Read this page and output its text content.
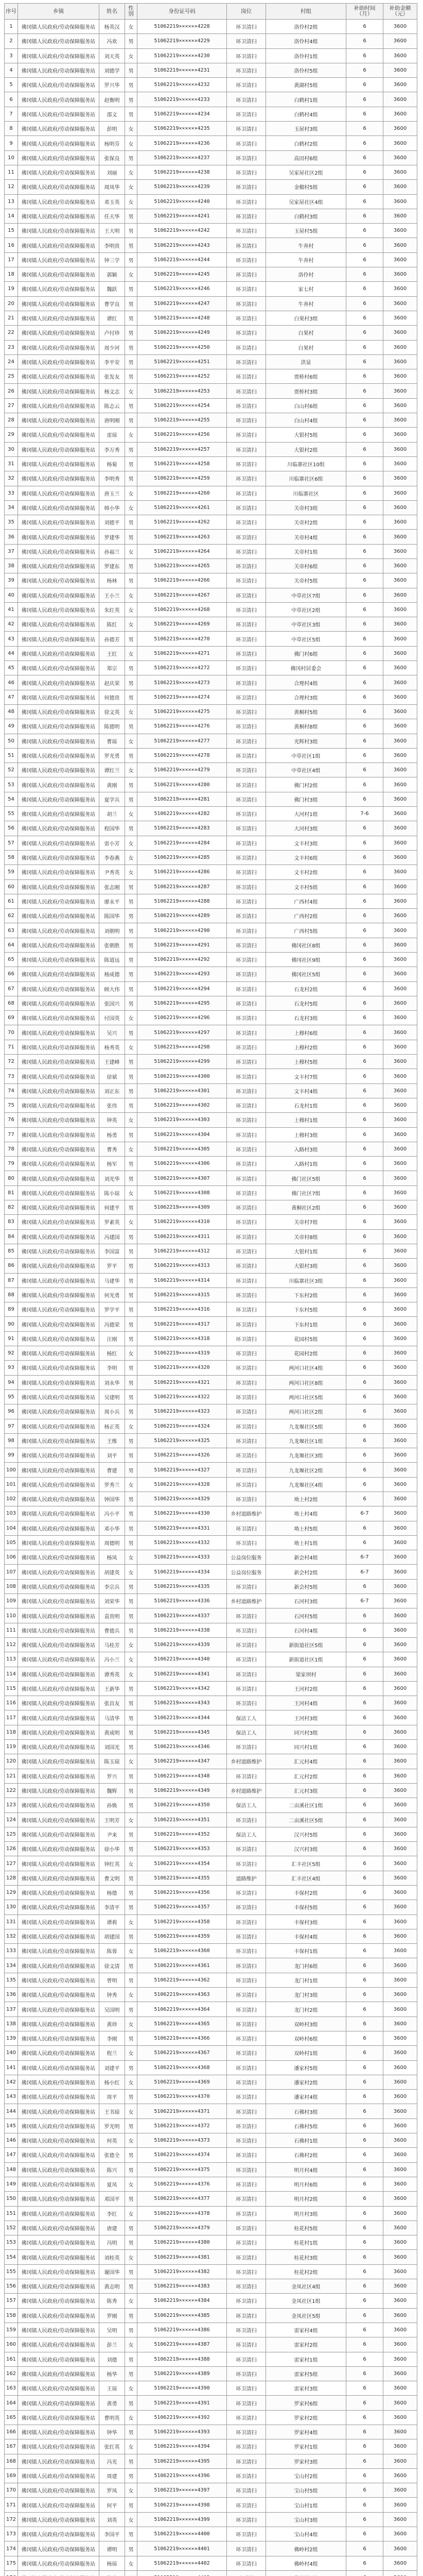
序号	乡镇	姓名	性别	身份证号码	岗位	村组	补助时间（月）	补助金额（元）
1	佛冈镇人民政府/劳动保障服务站	杨英汉	女	51062219××××××4228	环卫清扫	洛伶村2组	6	3600
2	佛冈镇人民政府/劳动保障服务站	冯欢	男	51062219××××××4229	环卫清扫	洛伶村4组	6	3600
3	佛冈镇人民政府/劳动保障服务站	刘天英	女	51062219××××××4230	环卫清扫	洛伶村1组	6	3600
4	佛冈镇人民政府/劳动保障服务站	刘德学	男	51062219××××××4231	环卫清扫	洛伶村5组	6	3600
5	佛冈镇人民政府/劳动保障服务站	罗兴华	男	51062219××××××4232	环卫清扫	黄湖村5组	6	3600
6	佛冈镇人民政府/劳动保障服务站	赵衡明	男	51062219××××××4233	环卫清扫	白鹤村1组	6	3600
7	佛冈镇人民政府/劳动保障服务站	邵文	男	51062219××××××4234	环卫清扫	白鹤村4组	6	3600
8	佛冈镇人民政府/劳动保障服务站	彭明	女	51062219××××××4235	环卫清扫	玉屋村3组	6	3600
9	佛冈镇人民政府/劳动保障服务站	杨明芬	女	51062219××××××4236	环卫清扫	白鹤村2组	6	3600
10	佛冈镇人民政府/劳动保障服务站	张保良	男	51062219××××××4237	环卫清扫	高田村6组	6	3600
11	佛冈镇人民政府/劳动保障服务站	刘丽	女	51062219××××××4238	环卫清扫	吴家屋社区2组	6	3600
12	佛冈镇人民政府/劳动保障服务站	周凤华	女	51062219××××××4239	环卫清扫	金榴村5组	6	3600
13	佛冈镇人民政府/劳动保障服务站	邓玉英	女	51062219××××××4240	环卫清扫	吴家屋社区4组	6	3600
14	佛冈镇人民政府/劳动保障服务站	任天华	男	51062219××××××4241	环卫清扫	白鹤村3组	6	3600
15	佛冈镇人民政府/劳动保障服务站	王大明	男	51062219××××××4242	环卫清扫	玉屋村5组	6	3600
16	佛冈镇人民政府/劳动保障服务站	李明贵	男	51062219××××××4243	环卫清扫	牛奔村	6	3600
17	佛冈镇人民政府/劳动保障服务站	钟三学	男	51062219××××××4244	环卫清扫	牛奔村	6	3600
18	佛冈镇人民政府/劳动保障服务站	郭颖	女	51062219××××××4245	环卫清扫	洛伶村	6	3600
19	佛冈镇人民政府/劳动保障服务站	魏跃	男	51062219××××××4246	环卫清扫	家七村	6	3600
20	佛冈镇人民政府/劳动保障服务站	曹学良	男	51062219××××××4247	环卫清扫	牛奔村	6	3600
21	佛冈镇人民政府/劳动保障服务站	谭红	男	51062219××××××4248	环卫清扫	白果村3组	6	3600
22	佛冈镇人民政府/劳动保障服务站	卢付珍	男	51062219××××××4249	环卫清扫	白果村	6	3600
23	佛冈镇人民政府/劳动保障服务站	周少河	男	51062219××××××4250	环卫清扫	白果村	6	3600
24	佛冈镇人民政府/劳动保障服务站	李平安	男	51062219××××××4251	环卫清扫	洪显	6	3600
25	佛冈镇人民政府/劳动保障服务站	张发友	男	51062219××××××4252	环卫清扫	贾桥村6组	6	3600
26	佛冈镇人民政府/劳动保障服务站	杨文志	女	51062219××××××4253	环卫清扫	贾桥村3组	6	3600
27	佛冈镇人民政府/劳动保障服务站	陈志云	男	51062219××××××4254	环卫清扫	白山村6组	6	3600
28	佛冈镇人民政府/劳动保障服务站	唐明刚	男	51062219××××××4255	环卫清扫	白山村4组	6	3600
29	佛冈镇人民政府/劳动保障服务站	雷琼	女	51062219××××××4256	环卫清扫	大银村5组	6	3600
30	佛冈镇人民政府/劳动保障服务站	李万秀	男	51062219××××××4257	环卫清扫	大银村2组	6	3600
31	佛冈镇人民政府/劳动保障服务站	杨菊	男	51062219××××××4258	环卫清扫	川临寨社区10组	6	3600
32	佛冈镇人民政府/劳动保障服务站	李明秀	男	51062219××××××4259	环卫清扫	川临寨社区6组	6	3600
33	佛冈镇人民政府/劳动保障服务站	唐玉兰	女	51062219××××××4260	环卫清扫	川临寨社区	6	3600
34	佛冈镇人民政府/劳动保障服务站	韩小华	女	51062219××××××4261	环卫清扫	关帝村3组	6	3600
35	佛冈镇人民政府/劳动保障服务站	刘德平	男	51062219××××××4262	环卫清扫	关帝村2组	6	3600
36	佛冈镇人民政府/劳动保障服务站	罗建华	男	51062219××××××4263	环卫清扫	关帝村4组	6	3600
37	佛冈镇人民政府/劳动保障服务站	孙福兰	女	51062219××××××4264	环卫清扫	关帝村1组	6	3600
38	佛冈镇人民政府/劳动保障服务站	罗建东	男	51062219××××××4265	环卫清扫	关帝村6组	6	3600
39	佛冈镇人民政府/劳动保障服务站	杨林	男	51062219××××××4266	环卫清扫	关帝村5组	6	3600
40	佛冈镇人民政府/劳动保障服务站	王小兰	女	51062219××××××4267	环卫清扫	中草社区7组	6	3600
41	佛冈镇人民政府/劳动保障服务站	朱红英	女	51062219××××××4268	环卫清扫	中草社区2组	6	3600
42	佛冈镇人民政府/劳动保障服务站	陈红	女	51062219××××××4269	环卫清扫	中草社区3组	6	3600
43	佛冈镇人民政府/劳动保障服务站	孙德芳	男	51062219××××××4270	环卫清扫	中草社区5组	6	3600
44	佛冈镇人民政府/劳动保障服务站	王红	女	51062219××××××4271	环卫清扫	佛门村6组	6	3600
45	佛冈镇人民政府/劳动保障服务站	郑宗	男	51062219××××××4272	环卫清扫	佛冈村居委会	6	3600
46	佛冈镇人民政府/劳动保障服务站	赵庆荣	男	51062219××××××4273	环卫清扫	合理村4组	6	3600
47	佛冈镇人民政府/劳动保障服务站	何德贵	男	51062219××××××4274	环卫清扫	合理村3组	6	3600
48	佛冈镇人民政府/劳动保障服务站	徐文英	女	51062219××××××4275	环卫清扫	黄桐村5组	6	3600
49	佛冈镇人民政府/劳动保障服务站	陈德明	男	51062219××××××4276	环卫清扫	黄桐村8组	6	3600
50	佛冈镇人民政府/劳动保障服务站	曹琼	女	51062219××××××4277	环卫清扫	光辉村3组	6	3600
51	佛冈镇人民政府/劳动保障服务站	罗光勇	男	51062219××××××4278	环卫清扫	中草社区1组	6	3600
52	佛冈镇人民政府/劳动保障服务站	谭红兰	女	51062219××××××4279	环卫清扫	中草社区4组	6	3600
53	佛冈镇人民政府/劳动保障服务站	黄刚	男	51062219××××××4280	环卫清扫	佛门村2组	6	3600
54	佛冈镇人民政府/劳动保障服务站	夏学兵	男	51062219××××××4281	环卫清扫	佛门村3组	6	3600
55	佛冈镇人民政府/劳动保障服务站	胡兰	女	51062219××××××4282	环卫清扫	大河村1组	7-6	3600
56	佛冈镇人民政府/劳动保障服务站	程国华	男	51062219××××××4283	环卫清扫	大河村3组	6	3600
57	佛冈镇人民政府/劳动保障服务站	雷小芳	女	51062219××××××4284	环卫清扫	文丰村3组	6	3600
58	佛冈镇人民政府/劳动保障服务站	李春燕	女	51062219××××××4285	环卫清扫	文丰村6组	6	3600
59	佛冈镇人民政府/劳动保障服务站	尹秀英	女	51062219××××××4286	环卫清扫	文丰村2组	6	3600
60	佛冈镇人民政府/劳动保障服务站	张志刚	男	51062219××××××4287	环卫清扫	文丰村5组	6	3600
61	佛冈镇人民政府/劳动保障服务站	廖永平	男	51062219××××××4288	环卫清扫	广西村4组	6	3600
62	佛冈镇人民政府/劳动保障服务站	陈国华	男	51062219××××××4289	环卫清扫	广西村2组	6	3600
63	佛冈镇人民政府/劳动保障服务站	刘朝明	男	51062219××××××4290	环卫清扫	广西村5组	6	3600
64	佛冈镇人民政府/劳动保障服务站	张朝胜	男	51062219××××××4291	环卫清扫	佛冈社区8组	6	3600
65	佛冈镇人民政府/劳动保障服务站	陈道远	男	51062219××××××4292	环卫清扫	佛冈社区9组	6	3600
66	佛冈镇人民政府/劳动保障服务站	杨成德	男	51062219××××××4293	环卫清扫	佛冈社区5组	6	3600
67	佛冈镇人民政府/劳动保障服务站	顾大伟	男	51062219××××××4294	环卫清扫	石龙村2组	6	3600
68	佛冈镇人民政府/劳动保障服务站	张国兴	男	51062219××××××4295	环卫清扫	石龙村5组	6	3600
69	佛冈镇人民政府/劳动保障服务站	付国英	女	51062219××××××4296	环卫清扫	石龙村3组	6	3600
70	佛冈镇人民政府/劳动保障服务站	吴兴	男	51062219××××××4297	环卫清扫	上穆村6组	6	3600
71	佛冈镇人民政府/劳动保障服务站	杨秀英	女	51062219××××××4298	环卫清扫	上穆村2组	6	3600
72	佛冈镇人民政府/劳动保障服务站	王建峰	男	51062219××××××4299	环卫清扫	上穆村5组	6	3600
73	佛冈镇人民政府/劳动保障服务站	徐斌	男	51062219××××××4300	环卫清扫	文丰村7组	6	3600
74	佛冈镇人民政府/劳动保障服务站	刘正东	男	51062219××××××4301	环卫清扫	文丰村4组	6	3600
75	佛冈镇人民政府/劳动保障服务站	张伟	男	51062219××××××4302	环卫清扫	石龙村1组	6	3600
76	佛冈镇人民政府/劳动保障服务站	钟英	女	51062219××××××4303	环卫清扫	上穆村1组	6	3600
77	佛冈镇人民政府/劳动保障服务站	杨勇	男	51062219××××××4304	环卫清扫	上穆村3组	6	3600
78	佛冈镇人民政府/劳动保障服务站	曹秀	女	51062219××××××4305	环卫清扫	入路村3组	6	3600
79	佛冈镇人民政府/劳动保障服务站	杨军	男	51062219××××××4306	环卫清扫	入路村1组	6	3600
80	佛冈镇人民政府/劳动保障服务站	刘光华	男	51062219××××××4307	环卫清扫	佛门社区5组	6	3600
81	佛冈镇人民政府/劳动保障服务站	陈小琼	女	51062219××××××4308	环卫清扫	佛门社区7组	6	3600
82	佛冈镇人民政府/劳动保障服务站	何建平	男	51062219××××××4309	环卫清扫	黄桐社区2组	6	3600
83	佛冈镇人民政府/劳动保障服务站	罗素英	女	51062219××××××4310	环卫清扫	关帝村7组	6	3600
84	佛冈镇人民政府/劳动保障服务站	冯建国	男	51062219××××××4311	环卫清扫	关帝村8组	6	3600
85	佛冈镇人民政府/劳动保障服务站	李国富	男	51062219××××××4312	环卫清扫	大银村1组	6	3600
86	佛冈镇人民政府/劳动保障服务站	罗平	男	51062219××××××4313	环卫清扫	大银村3组	6	3600
87	佛冈镇人民政府/劳动保障服务站	马建华	男	51062219××××××4314	环卫清扫	川临寨社区3组	6	3600
88	佛冈镇人民政府/劳动保障服务站	何光勇	男	51062219××××××4315	环卫清扫	下东村2组	6	3600
89	佛冈镇人民政府/劳动保障服务站	罗学平	男	51062219××××××4316	环卫清扫	下东村5组	6	3600
90	佛冈镇人民政府/劳动保障服务站	冯德荣	男	51062219××××××4317	环卫清扫	下东村1组	6	3600
91	佛冈镇人民政府/劳动保障服务站	汪刚	男	51062219××××××4318	环卫清扫	花园村5组	6	3600
92	佛冈镇人民政府/劳动保障服务站	杨红	女	51062219××××××4319	环卫清扫	花园村2组	6	3600
93	佛冈镇人民政府/劳动保障服务站	李明	男	51062219××××××4320	环卫清扫	两河口社区4组	6	3600
94	佛冈镇人民政府/劳动保障服务站	刘永华	男	51062219××××××4321	环卫清扫	两河口社区8组	6	3600
95	佛冈镇人民政府/劳动保障服务站	吴建明	男	51062219××××××4322	环卫清扫	两河口社区5组	6	3600
96	佛冈镇人民政府/劳动保障服务站	周小兵	男	51062219××××××4323	环卫清扫	两河口社区2组	6	3600
97	佛冈镇人民政府/劳动保障服务站	杨正英	女	51062219××××××4324	环卫清扫	九龙堰社区5组	6	3600
98	佛冈镇人民政府/劳动保障服务站	王维	男	51062219××××××4325	环卫清扫	九龙堰社区1组	6	3600
99	佛冈镇人民政府/劳动保障服务站	刘平	男	51062219××××××4326	环卫清扫	九龙堰社区3组	6	3600
100	佛冈镇人民政府/劳动保障服务站	曹建	男	51062219××××××4327	环卫清扫	九龙堰社区2组	6	3600
101	佛冈镇人民政府/劳动保障服务站	罗秀兰	女	51062219××××××4328	环卫清扫	九龙堰社区4组	6	3600
102	佛冈镇人民政府/劳动保障服务站	钟国华	男	51062219××××××4329	环卫清扫	坳上村2组	6	3600
103	佛冈镇人民政府/劳动保障服务站	冯小平	男	51062219××××××4330	乡村道路维护	坳上村4组	6-7	3600
104	佛冈镇人民政府/劳动保障服务站	邓小华	男	51062219××××××4331	环卫清扫	坳上村5组	6	3600
105	佛冈镇人民政府/劳动保障服务站	周德明	男	51062219××××××4332	环卫清扫	坳上村1组	6	3600
106	佛冈镇人民政府/劳动保障服务站	杨凤	女	51062219××××××4333	公益岗位服务	新会村4组	6-7	3600
107	佛冈镇人民政府/劳动保障服务站	胡建英	女	51062219××××××4334	公益岗位服务	新会村2组	6-7	3600
108	佛冈镇人民政府/劳动保障服务站	李宗兵	男	51062219××××××4335	环卫清扫	新会村5组	6	3600
109	佛冈镇人民政府/劳动保障服务站	刘荣华	男	51062219××××××4336	乡村道路维护	石河村3组	6-7	3600
110	佛冈镇人民政府/劳动保障服务站	袁贵明	男	51062219××××××4337	环卫清扫	石河村5组	6	3600
111	佛冈镇人民政府/劳动保障服务站	曹德兵	男	51062219××××××4338	环卫清扫	石河村4组	6	3600
112	佛冈镇人民政府/劳动保障服务站	马桂芳	女	51062219××××××4339	环卫清扫	新街道社区5组	6	3600
113	佛冈镇人民政府/劳动保障服务站	冯小兰	女	51062219××××××4340	环卫清扫	新街道社区1组	6	3600
114	佛冈镇人民政府/劳动保障服务站	谭秀英	女	51062219××××××4341	环卫清扫	梁家坝村	6	3600
115	佛冈镇人民政府/劳动保障服务站	王新华	男	51062219××××××4342	环卫清扫	王河村2组	6	3600
116	佛冈镇人民政府/劳动保障服务站	张昌友	男	51062219××××××4343	环卫清扫	王河村4组	6	3600
117	佛冈镇人民政府/劳动保障服务站	马清华	男	51062219××××××4344	保洁工人	王河村3组	6	3600
118	佛冈镇人民政府/劳动保障服务站	黄成明	男	51062219××××××4345	保洁工人	同兴村3组	6	3600
119	佛冈镇人民政府/劳动保障服务站	刘国光	男	51062219××××××4346	环卫清扫	同兴村1组	6	3600
120	佛冈镇人民政府/劳动保障服务站	陈玉琼	女	51062219××××××4347	乡村道路维护	汇元村4组	6	3600
121	佛冈镇人民政府/劳动保障服务站	罗兴	男	51062219××××××4348	环卫清扫	汇元村2组	6	3600
122	佛冈镇人民政府/劳动保障服务站	魏辉	男	51062219××××××4349	乡村道路维护	汇元村3组	6	3600
123	佛冈镇人民政府/劳动保障服务站	孙焕	男	51062219××××××4350	保洁工人	二亩溪社区1组	6	3600
124	佛冈镇人民政府/劳动保障服务站	王明芳	女	51062219××××××4351	环卫清扫	二亩溪社区5组	6	3600
125	佛冈镇人民政府/劳动保障服务站	尹来	男	51062219××××××4352	保洁工人	汉兴村5组	6	3600
126	佛冈镇人民政府/劳动保障服务站	徐小华	男	51062219××××××4353	环卫清扫	汉兴村3组	6	3600
127	佛冈镇人民政府/劳动保障服务站	钟红英	女	51062219××××××4354	环卫清扫	汇丰社区5组	6	3600
128	佛冈镇人民政府/劳动保障服务站	曹文明	男	51062219××××××4355	道路维护	汇丰社区4组	6	3600
129	佛冈镇人民政府/劳动保障服务站	杨德	男	51062219××××××4356	环卫清扫	丰保村2组	6	3600
130	佛冈镇人民政府/劳动保障服务站	李清平	男	51062219××××××4357	环卫清扫	丰保村5组	6	3600
131	佛冈镇人民政府/劳动保障服务站	谭莉	女	51062219××××××4358	环卫清扫	丰保村3组	6	3600
132	佛冈镇人民政府/劳动保障服务站	胡建国	男	51062219××××××4359	环卫清扫	丰保村4组	6	3600
133	佛冈镇人民政府/劳动保障服务站	陈蓉	女	51062219××××××4360	环卫清扫	丰保村1组	6	3600
134	佛冈镇人民政府/劳动保障服务站	徐文清	男	51062219××××××4361	环卫清扫	龙门村6组	6	3600
135	佛冈镇人民政府/劳动保障服务站	曾明	男	51062219××××××4362	环卫清扫	龙门村1组	6	3600
136	佛冈镇人民政府/劳动保障服务站	钟秀	女	51062219××××××4363	环卫清扫	龙门村3组	6	3600
137	佛冈镇人民政府/劳动保障服务站	吴国明	男	51062219××××××4364	环卫清扫	龙门村2组	6	3600
138	佛冈镇人民政府/劳动保障服务站	黄珍	女	51062219××××××4365	环卫清扫	双岭村3组	6	3600
139	佛冈镇人民政府/劳动保障服务站	李刚	男	51062219××××××4366	环卫清扫	双岭村6组	6	3600
140	佛冈镇人民政府/劳动保障服务站	程兰	女	51062219××××××4367	环卫清扫	双岭村1组	6	3600
141	佛冈镇人民政府/劳动保障服务站	刘建平	男	51062219××××××4368	环卫清扫	潘家村5组	6	3600
142	佛冈镇人民政府/劳动保障服务站	杨小红	女	51062219××××××4369	环卫清扫	潘家村2组	6	3600
143	佛冈镇人民政府/劳动保障服务站	周平	男	51062219××××××4370	环卫清扫	潘家村4组	6	3600
144	佛冈镇人民政府/劳动保障服务站	王书琼	女	51062219××××××4371	环卫清扫	石佛村3组	6	3600
145	佛冈镇人民政府/劳动保障服务站	罗光明	男	51062219××××××4372	环卫清扫	石佛村5组	6	3600
146	佛冈镇人民政府/劳动保障服务站	何英	女	51062219××××××4373	环卫清扫	石佛村1组	6	3600
147	佛冈镇人民政府/劳动保障服务站	张德全	男	51062219××××××4374	环卫清扫	石佛村2组	6	3600
148	佛冈镇人民政府/劳动保障服务站	陈兴	男	51062219××××××4375	环卫清扫	明月村4组	6	3600
149	佛冈镇人民政府/劳动保障服务站	夏凤	女	51062219××××××4376	环卫清扫	明月村6组	6	3600
150	佛冈镇人民政府/劳动保障服务站	邓国平	男	51062219××××××4377	环卫清扫	明月村2组	6	3600
151	佛冈镇人民政府/劳动保障服务站	李红	女	51062219××××××4378	环卫清扫	明月村3组	6	3600
152	佛冈镇人民政府/劳动保障服务站	唐建	男	51062219××××××4379	环卫清扫	桂花村5组	6	3600
153	佛冈镇人民政府/劳动保障服务站	冯明	男	51062219××××××4380	环卫清扫	桂花村1组	6	3600
154	佛冈镇人民政府/劳动保障服务站	刘桂英	女	51062219××××××4381	环卫清扫	桂花村3组	6	3600
155	佛冈镇人民政府/劳动保障服务站	谢国华	男	51062219××××××4382	环卫清扫	桂花村2组	6	3600
156	佛冈镇人民政府/劳动保障服务站	黄志明	男	51062219××××××4383	环卫清扫	金凤社区4组	6	3600
157	佛冈镇人民政府/劳动保障服务站	陈秀	女	51062219××××××4384	环卫清扫	金凤社区1组	6	3600
158	佛冈镇人民政府/劳动保障服务站	罗刚	男	51062219××××××4385	环卫清扫	金凤社区5组	6	3600
159	佛冈镇人民政府/劳动保障服务站	吴明	男	51062219××××××4386	环卫清扫	雷家村4组	6	3600
160	佛冈镇人民政府/劳动保障服务站	彭兰	女	51062219××××××4387	环卫清扫	雷家村2组	6	3600
161	佛冈镇人民政府/劳动保障服务站	刘德	男	51062219××××××4388	环卫清扫	雷家村1组	6	3600
162	佛冈镇人民政府/劳动保障服务站	杨华	男	51062219××××××4389	环卫清扫	雷家村5组	6	3600
163	佛冈镇人民政府/劳动保障服务站	王琼	女	51062219××××××4390	环卫清扫	雷家村3组	6	3600
164	佛冈镇人民政府/劳动保障服务站	黄勇	男	51062219××××××4391	环卫清扫	罗家村6组	6	3600
165	佛冈镇人民政府/劳动保障服务站	曹明英	女	51062219××××××4392	环卫清扫	罗家村2组	6	3600
166	佛冈镇人民政府/劳动保障服务站	钟华	男	51062219××××××4393	环卫清扫	罗家村4组	6	3600
167	佛冈镇人民政府/劳动保障服务站	张红英	女	51062219××××××4394	环卫清扫	罗家村1组	6	3600
168	佛冈镇人民政府/劳动保障服务站	冯光	男	51062219××××××4395	环卫清扫	罗家村3组	6	3600
169	佛冈镇人民政府/劳动保障服务站	周建	男	51062219××××××4396	环卫清扫	宝山村2组	6	3600
170	佛冈镇人民政府/劳动保障服务站	罗凤	女	51062219××××××4397	环卫清扫	宝山村5组	6	3600
171	佛冈镇人民政府/劳动保障服务站	何平	男	51062219××××××4398	环卫清扫	宝山村1组	6	3600
172	佛冈镇人民政府/劳动保障服务站	刘英	女	51062219××××××4399	环卫清扫	宝山村3组	6	3600
173	佛冈镇人民政府/劳动保障服务站	李国平	男	51062219××××××4400	环卫清扫	宝山村4组	6	3600
174	佛冈镇人民政府/劳动保障服务站	谭明	男	51062219××××××4401	环卫清扫	佛岭村2组	6	3600
175	佛冈镇人民政府/劳动保障服务站	杨琼	女	51062219××××××4402	环卫清扫	佛岭村4组	6	3600
